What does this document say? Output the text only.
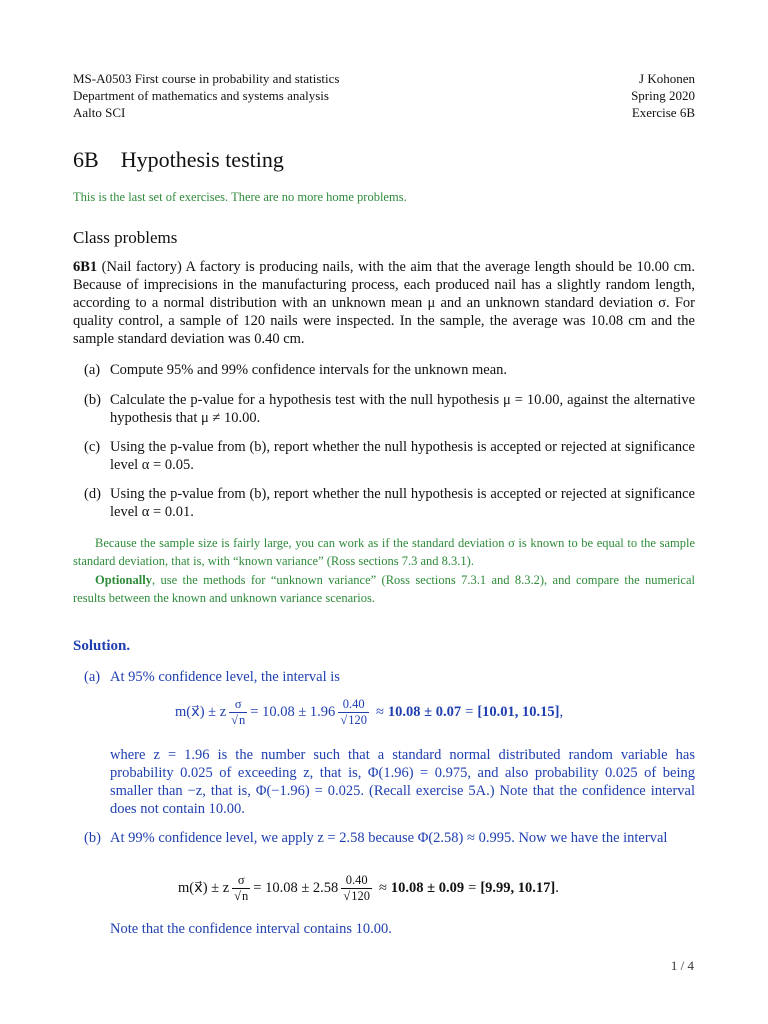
MS-A0503 First course in probability and statistics
Department of mathematics and systems analysis
Aalto SCI
J Kohonen
Spring 2020
Exercise 6B
6B Hypothesis testing
This is the last set of exercises. There are no more home problems.
Class problems
6B1 (Nail factory) A factory is producing nails, with the aim that the average length should be 10.00 cm. Because of imprecisions in the manufacturing process, each produced nail has a slightly random length, according to a normal distribution with an unknown mean μ and an unknown standard deviation σ. For quality control, a sample of 120 nails were inspected. In the sample, the average was 10.08 cm and the sample standard deviation was 0.40 cm.
(a) Compute 95% and 99% confidence intervals for the unknown mean.
(b) Calculate the p-value for a hypothesis test with the null hypothesis μ = 10.00, against the alternative hypothesis that μ ≠ 10.00.
(c) Using the p-value from (b), report whether the null hypothesis is accepted or rejected at significance level α = 0.05.
(d) Using the p-value from (b), report whether the null hypothesis is accepted or rejected at significance level α = 0.01.
Because the sample size is fairly large, you can work as if the standard deviation σ is known to be equal to the sample standard deviation, that is, with “known variance” (Ross sections 7.3 and 8.3.1).
Optionally, use the methods for “unknown variance” (Ross sections 7.3.1 and 8.3.2), and compare the numerical results between the known and unknown variance scenarios.
Solution.
(a) At 95% confidence level, the interval is
m(x⃗) ± z $\frac{\sigma}{√n} = 10.08 \pm 1.96 \frac{0.40}{√120} \approx 10.08 \pm 0.07 = [10.01$, 10.15] ,
where z = 1.96 is the number such that a standard normal distributed random variable has probability 0.025 of exceeding z, that is, Φ(1.96) = 0.975, and also probability 0.025 of being smaller than −z, that is, Φ(−1.96) = 0.025. (Recall exercise 5A.) Note that the confidence interval does not contain 10.00.
(b) At 99% confidence level, we apply z = 2.58 because Φ(2.58) ≈ 0.995. Now we have the interval
m(x⃗) ± z $\frac{\sigma}{√n} = 10.08 \pm 2.58 \frac{0.40}{√120} \approx 10.08 \pm 0.09 = [9.99$, 10.17] .
Note that the confidence interval contains 10.00.
1 / 4
